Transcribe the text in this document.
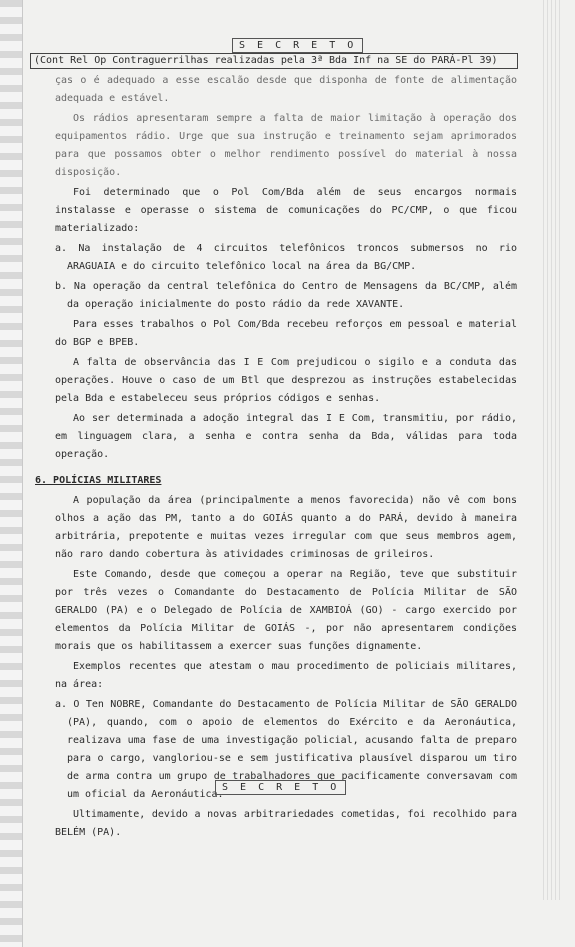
S E C R E T O
(Cont Rel Op Contraguerrilhas realizadas pela 3ª Bda Inf na SE do PARÁ-Pl 39)

ças o é adequado a esse escalão desde que disponha de fonte de alimentação adequada e estável.

Os rádios apresentaram sempre a falta de maior limitação à operação dos equipamentos rádio. Urge que sua instrução e treinamento sejam aprimorados para que possamos obter o melhor rendimento possível do material à nossa disposição.

Foi determinado que o Pol Com/Bda além de seus encargos normais instalasse e operasse o sistema de comunicações do PC/CMP, o que ficou materializado:

a. Na instalação de 4 circuitos telefônicos troncos submersos no rio ARAGUAIA e do circuito telefônico local na área da BG/CMP.

b. Na operação da central telefônica do Centro de Mensagens da BC/CMP, além da operação inicialmente do posto rádio da rede XAVANTE.

Para esses trabalhos o Pol Com/Bda recebeu reforços em pessoal e material do BGP e BPEB.

A falta de observância das I E Com prejudicou o sigilo e a conduta das operações. Houve o caso de um Btl que desprezou as instruções estabelecidas pela Bda e estabeleceu seus próprios códigos e senhas.

Ao ser determinada a adoção integral das I E Com, transmitiu, por rádio, em linguagem clara, a senha e contra senha da Bda, válidas para toda operação.

6. POLÍCIAS MILITARES

A população da área (principalmente a menos favorecida) não vê com bons olhos a ação das PM, tanto a do GOIÁS quanto a do PARÁ, devido à maneira arbitrária, prepotente e muitas vezes irregular com que seus membros agem, não raro dando cobertura às atividades criminosas de grileiros.

Este Comando, desde que começou a operar na Região, teve que substituir por três vezes o Comandante do Destacamento de Polícia Militar de SÃO GERALDO (PA) e o Delegado de Polícia de XAMBIOÁ (GO) - cargo exercido por elementos da Polícia Militar de GOIÁS -, por não apresentarem condições morais que os habilitassem a exercer suas funções dignamente.

Exemplos recentes que atestam o mau procedimento de policiais militares, na área:

a. O Ten NOBRE, Comandante do Destacamento de Polícia Militar de SÃO GERALDO (PA), quando, com o apoio de elementos do Exército e da Aeronáutica, realizava uma fase de uma investigação policial, acusando falta de preparo para o cargo, vangloriou-se e sem justificativa plausível disparou um tiro de arma contra um grupo de trabalhadores que pacificamente conversavam com um oficial da Aeronáutica.

Ultimamente, devido a novas arbitrariedades cometidas, foi recolhido para BELÉM (PA).

S E C R E T O
